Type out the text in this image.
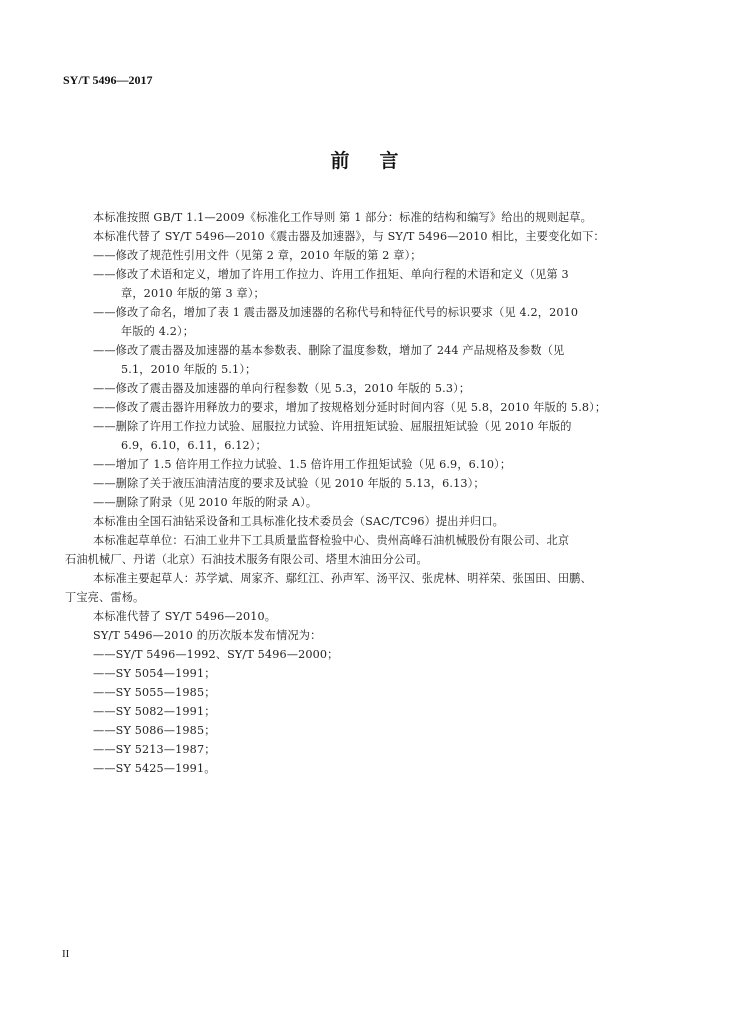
SY/T 5496—2017
前言
本标准按照 GB/T 1.1—2009《标准化工作导则 第 1 部分：标准的结构和编写》给出的规则起草。
本标准代替了 SY/T 5496—2010《震击器及加速器》，与 SY/T 5496—2010 相比，主要变化如下：
——修改了规范性引用文件（见第 2 章，2010 年版的第 2 章）；
——修改了术语和定义，增加了许用工作拉力、许用工作扭矩、单向行程的术语和定义（见第 3
章，2010 年版的第 3 章）；
——修改了命名，增加了表 1 震击器及加速器的名称代号和特征代号的标识要求（见 4.2，2010
年版的 4.2）；
——修改了震击器及加速器的基本参数表、删除了温度参数，增加了 244 产品规格及参数（见
5.1，2010 年版的 5.1）；
——修改了震击器及加速器的单向行程参数（见 5.3，2010 年版的 5.3）；
——修改了震击器许用释放力的要求，增加了按规格划分延时时间内容（见 5.8，2010 年版的 5.8）；
——删除了许用工作拉力试验、屈服拉力试验、许用扭矩试验、屈服扭矩试验（见 2010 年版的
6.9，6.10，6.11，6.12）；
——增加了 1.5 倍许用工作拉力试验、1.5 倍许用工作扭矩试验（见 6.9，6.10）；
——删除了关于液压油清洁度的要求及试验（见 2010 年版的 5.13，6.13）；
——删除了附录（见 2010 年版的附录 A）。
本标准由全国石油钻采设备和工具标准化技术委员会（SAC/TC96）提出并归口。
本标准起草单位：石油工业井下工具质量监督检验中心、贵州高峰石油机械股份有限公司、北京
石油机械厂、丹诺（北京）石油技术服务有限公司、塔里木油田分公司。
本标准主要起草人：苏学斌、周家齐、鄢红江、孙声军、汤平汉、张虎林、明祥荣、张国田、田鹏、
丁宝亮、雷杨。
本标准代替了 SY/T 5496—2010。
SY/T 5496—2010 的历次版本发布情况为：
——SY/T 5496—1992、SY/T 5496—2000；
——SY 5054—1991；
——SY 5055—1985；
——SY 5082—1991；
——SY 5086—1985；
——SY 5213—1987；
——SY 5425—1991。
II
